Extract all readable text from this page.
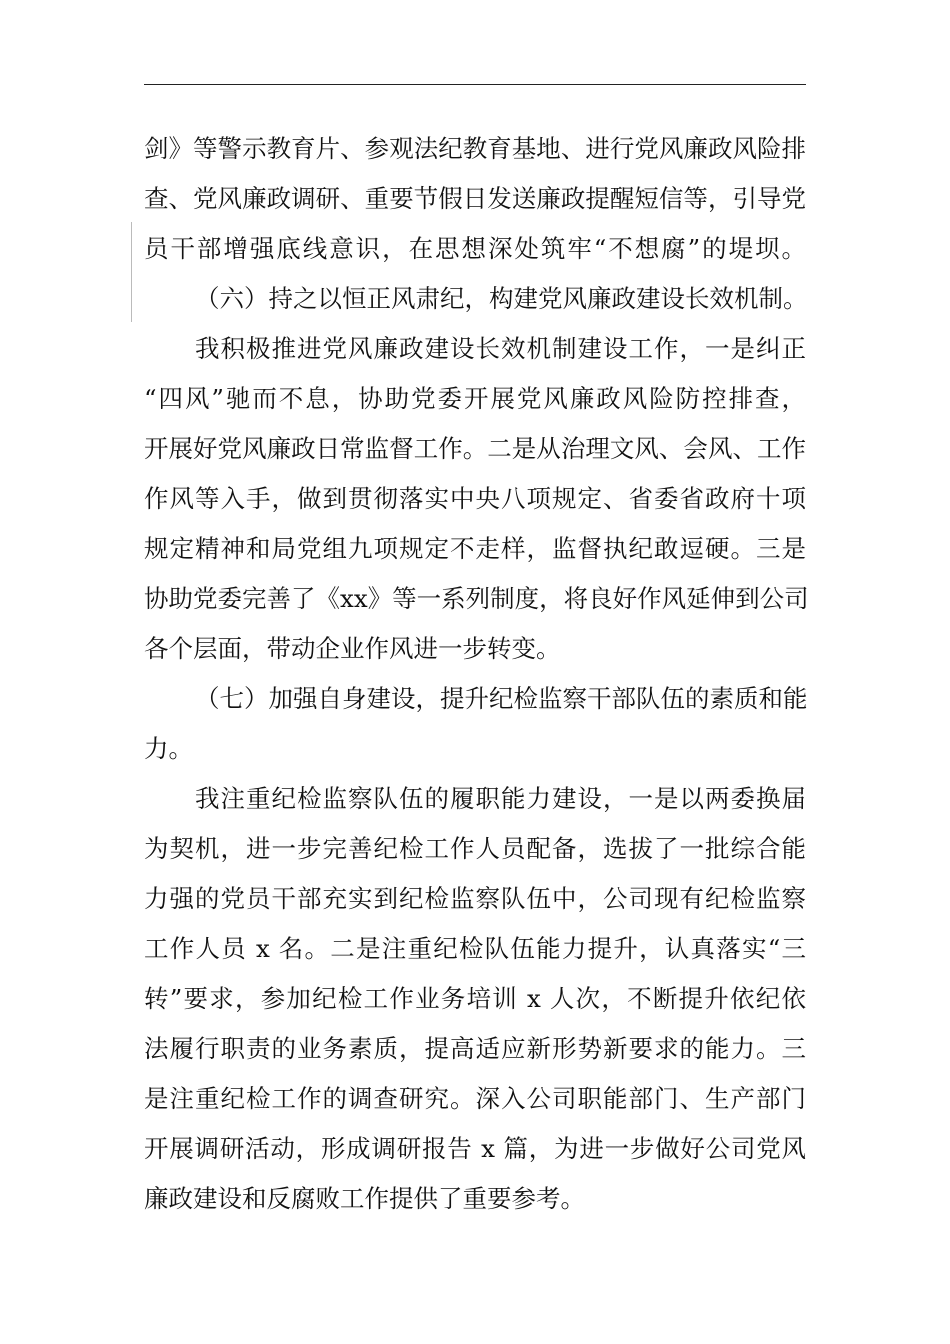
剑》等警示教育片、参观法纪教育基地、进行党风廉政风险排
查、党风廉政调研、重要节假日发送廉政提醒短信等，引导党
员干部增强底线意识，在思想深处筑牢“不想腐”的堤坝。
（六）持之以恒正风肃纪，构建党风廉政建设长效机制。
我积极推进党风廉政建设长效机制建设工作，一是纠正
“四风”驰而不息，协助党委开展党风廉政风险防控排查，
开展好党风廉政日常监督工作。二是从治理文风、会风、工作
作风等入手，做到贯彻落实中央八项规定、省委省政府十项
规定精神和局党组九项规定不走样，监督执纪敢逗硬。三是
协助党委完善了《xx》等一系列制度，将良好作风延伸到公司
各个层面，带动企业作风进一步转变。
（七）加强自身建设，提升纪检监察干部队伍的素质和能
力。
我注重纪检监察队伍的履职能力建设，一是以两委换届
为契机，进一步完善纪检工作人员配备，选拔了一批综合能
力强的党员干部充实到纪检监察队伍中，公司现有纪检监察
工作人员 x 名。二是注重纪检队伍能力提升，认真落实“三
转”要求，参加纪检工作业务培训 x 人次，不断提升依纪依
法履行职责的业务素质，提高适应新形势新要求的能力。三
是注重纪检工作的调查研究。深入公司职能部门、生产部门
开展调研活动，形成调研报告 x 篇，为进一步做好公司党风
廉政建设和反腐败工作提供了重要参考。
